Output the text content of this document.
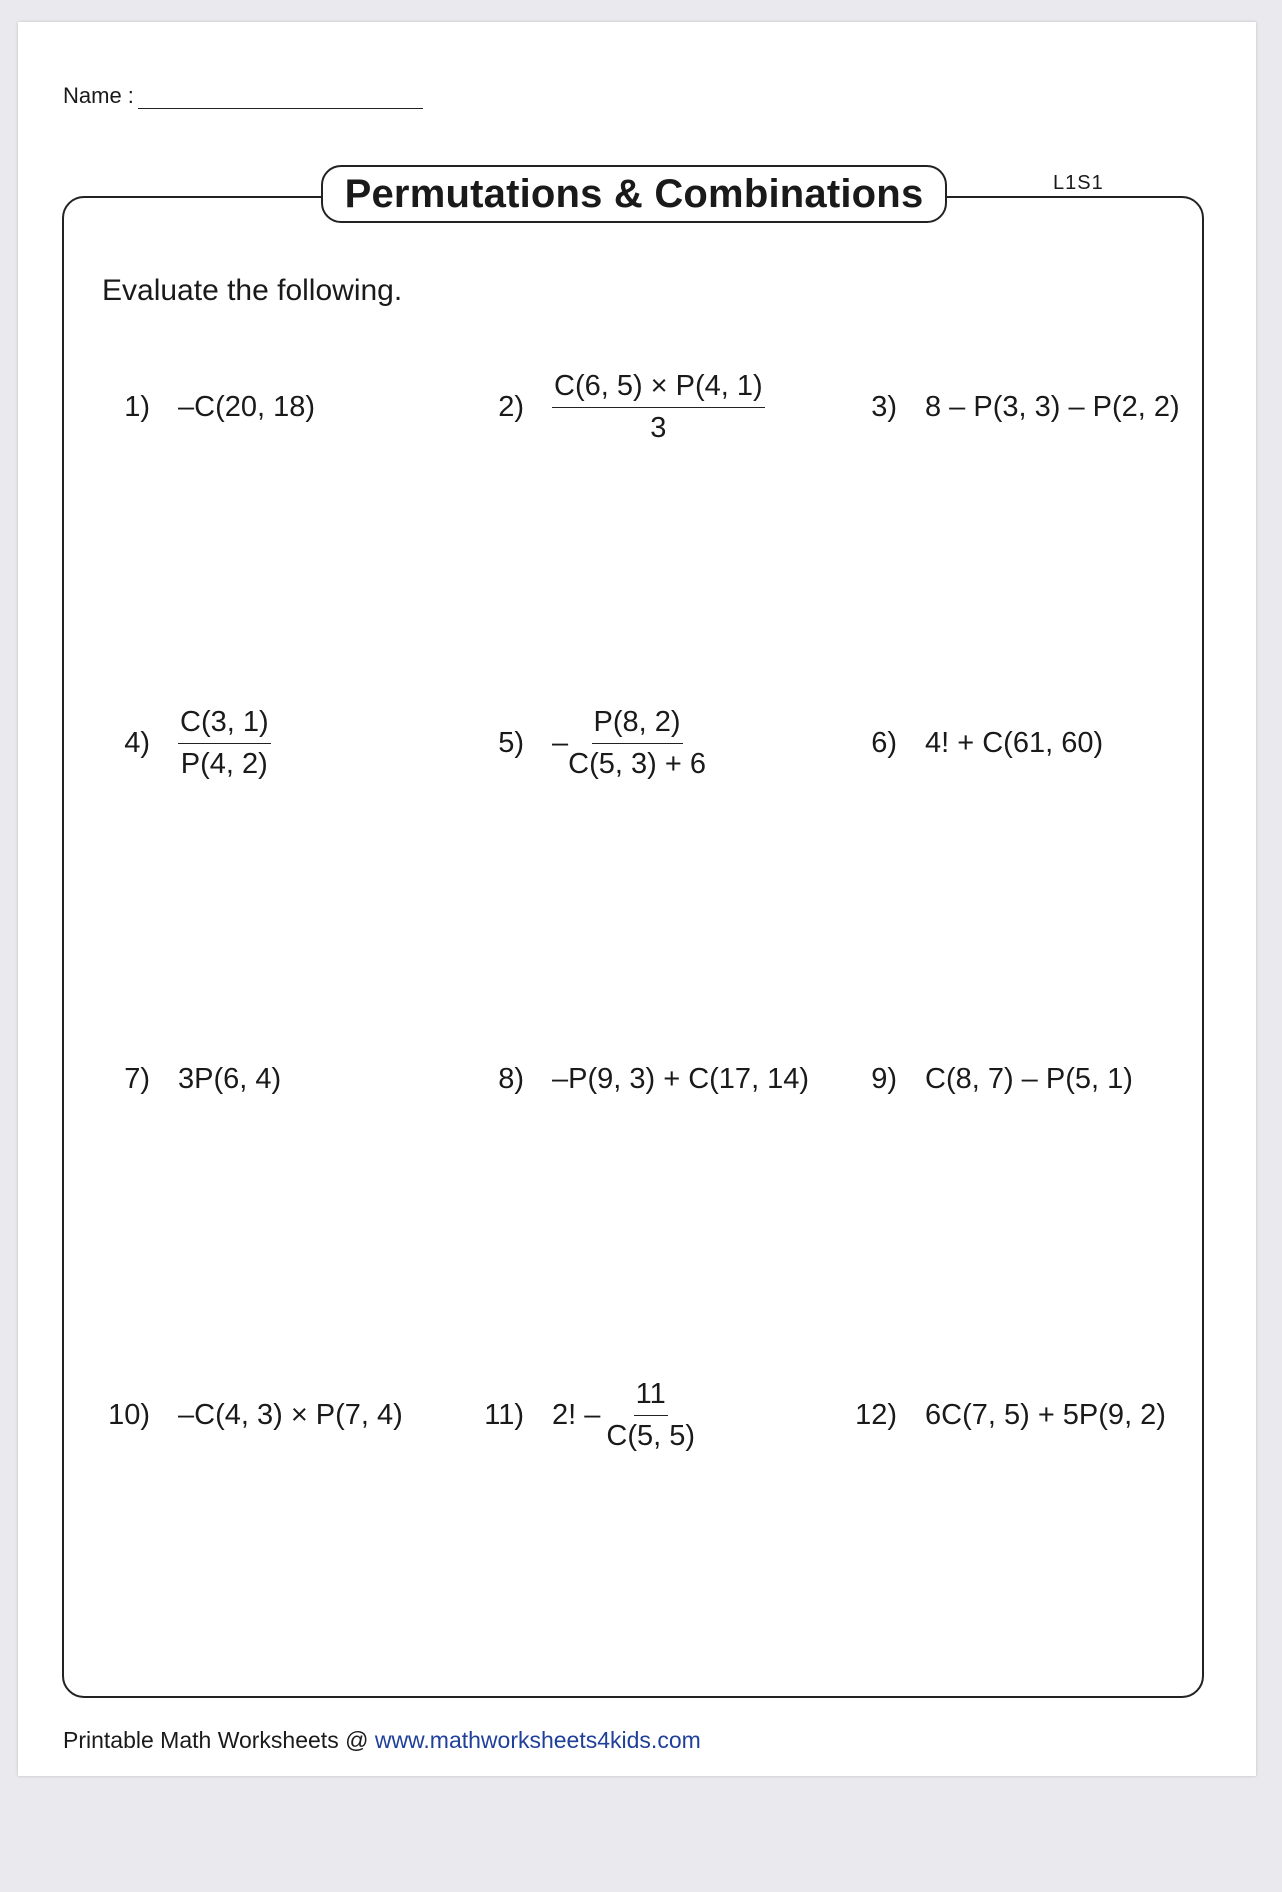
Name :
Permutations & Combinations	L1S1
Evaluate the following.
1) –C(20, 18)	$2) \frac{C(6, 5) \times P(4, 1)}{3}$	3) 8 – P(3, 3) – P(2, 2)
$4) \frac{C(3, 1)}{P(4, 2)}$	$5) - \frac{P(8, 2)}{C(5, 3) + 6}$	6) 4! + C(61, 60)
7) 3P(6, 4)	8) –P(9, 3) + C(17, 14)	9) C(8, 7) – P(5, 1)
10) –C(4, 3) × P(7, 4)	11) 2! – $\frac{11}{C(5, 5)}$	12) 6C(7, 5) + 5P(9, 2)
Printable Math Worksheets @ www.mathworksheets4kids.com
